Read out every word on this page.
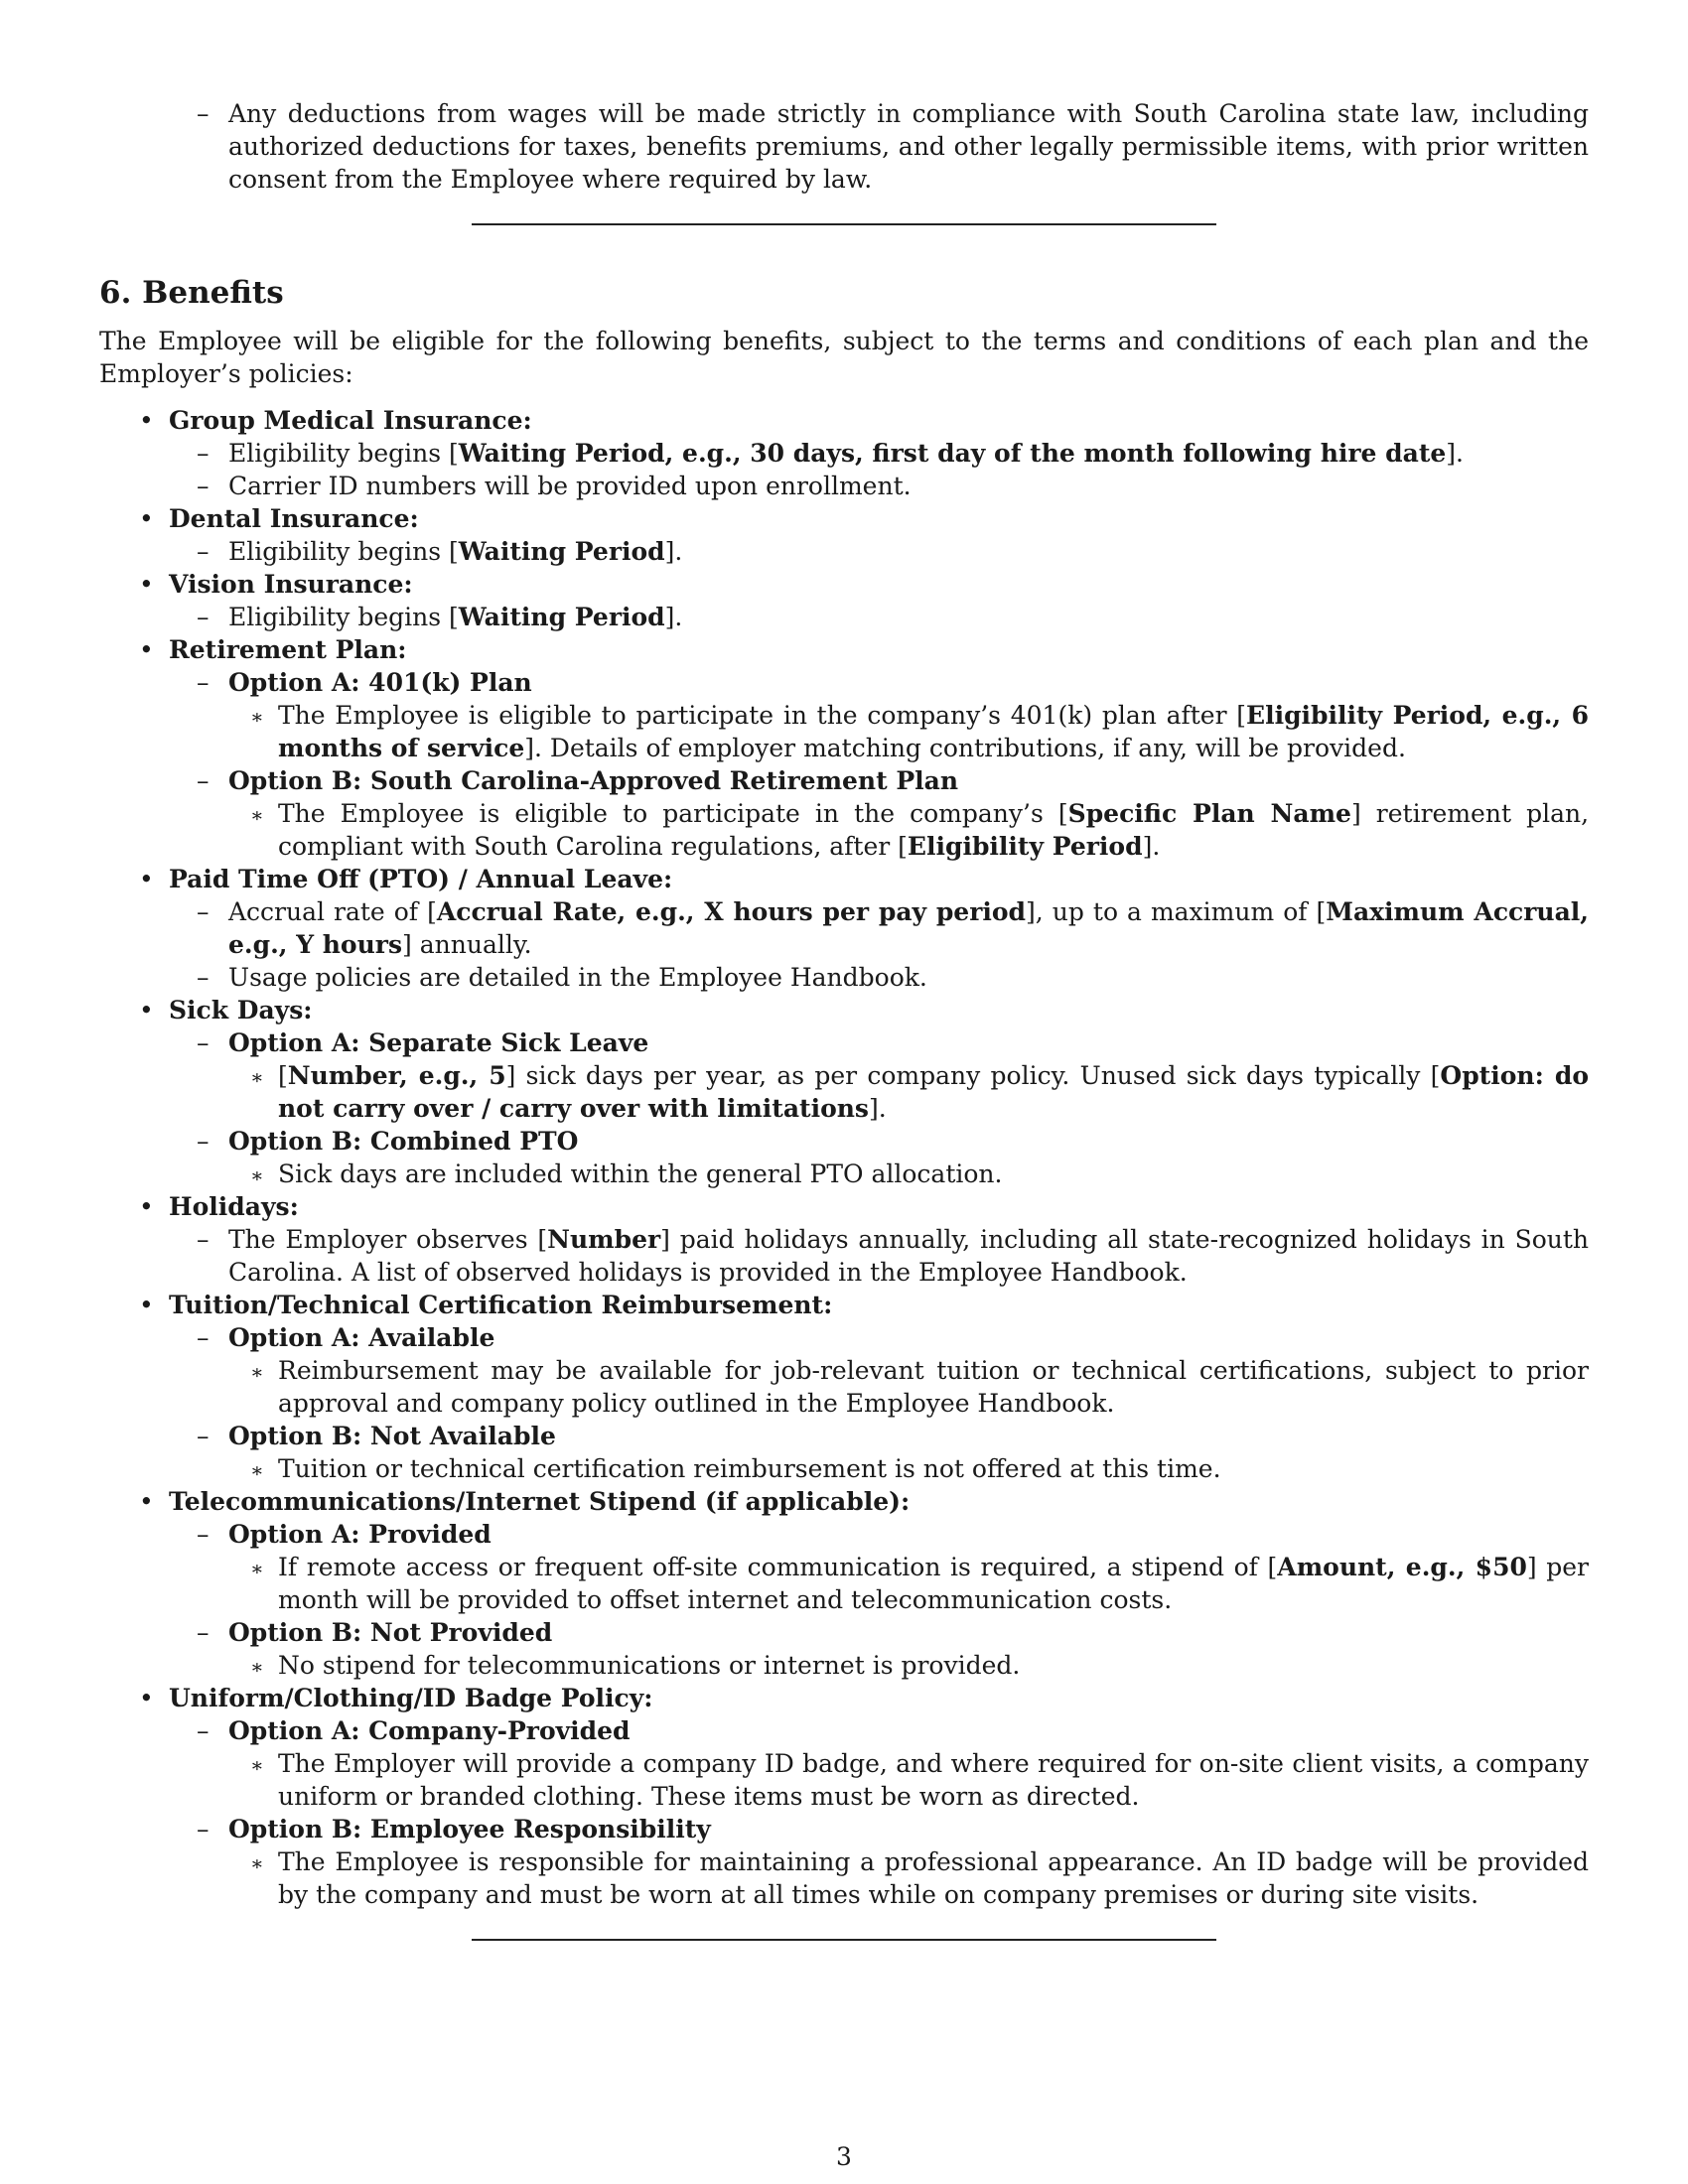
– Any deductions from wages will be made strictly in compliance with South Carolina state law, including authorized deductions for taxes, benefits premiums, and other legally permissible items, with prior written consent from the Employee where required by law.
6. Benefits
The Employee will be eligible for the following benefits, subject to the terms and conditions of each plan and the Employer’s policies:
• Group Medical Insurance:
– Eligibility begins [Waiting Period, e.g., 30 days, first day of the month following hire date].
– Carrier ID numbers will be provided upon enrollment.
• Dental Insurance:
– Eligibility begins [Waiting Period].
• Vision Insurance:
– Eligibility begins [Waiting Period].
• Retirement Plan:
– Option A: 401(k) Plan
∗ The Employee is eligible to participate in the company’s 401(k) plan after [Eligibility Period, e.g., 6 months of service]. Details of employer matching contributions, if any, will be provided.
– Option B: South Carolina-Approved Retirement Plan
∗ The Employee is eligible to participate in the company’s [Specific Plan Name] retirement plan, compliant with South Carolina regulations, after [Eligibility Period].
• Paid Time Off (PTO) / Annual Leave:
– Accrual rate of [Accrual Rate, e.g., X hours per pay period], up to a maximum of [Maximum Accrual, e.g., Y hours] annually.
– Usage policies are detailed in the Employee Handbook.
• Sick Days:
– Option A: Separate Sick Leave
∗ [Number, e.g., 5] sick days per year, as per company policy. Unused sick days typically [Option: do not carry over / carry over with limitations].
– Option B: Combined PTO
∗ Sick days are included within the general PTO allocation.
• Holidays:
– The Employer observes [Number] paid holidays annually, including all state-recognized holidays in South Carolina. A list of observed holidays is provided in the Employee Handbook.
• Tuition/Technical Certification Reimbursement:
– Option A: Available
∗ Reimbursement may be available for job-relevant tuition or technical certifications, subject to prior approval and company policy outlined in the Employee Handbook.
– Option B: Not Available
∗ Tuition or technical certification reimbursement is not offered at this time.
• Telecommunications/Internet Stipend (if applicable):
– Option A: Provided
∗ If remote access or frequent off-site communication is required, a stipend of [Amount, e.g., $50] per month will be provided to offset internet and telecommunication costs.
– Option B: Not Provided
∗ No stipend for telecommunications or internet is provided.
• Uniform/Clothing/ID Badge Policy:
– Option A: Company-Provided
∗ The Employer will provide a company ID badge, and where required for on-site client visits, a company uniform or branded clothing. These items must be worn as directed.
– Option B: Employee Responsibility
∗ The Employee is responsible for maintaining a professional appearance. An ID badge will be provided by the company and must be worn at all times while on company premises or during site visits.
3
